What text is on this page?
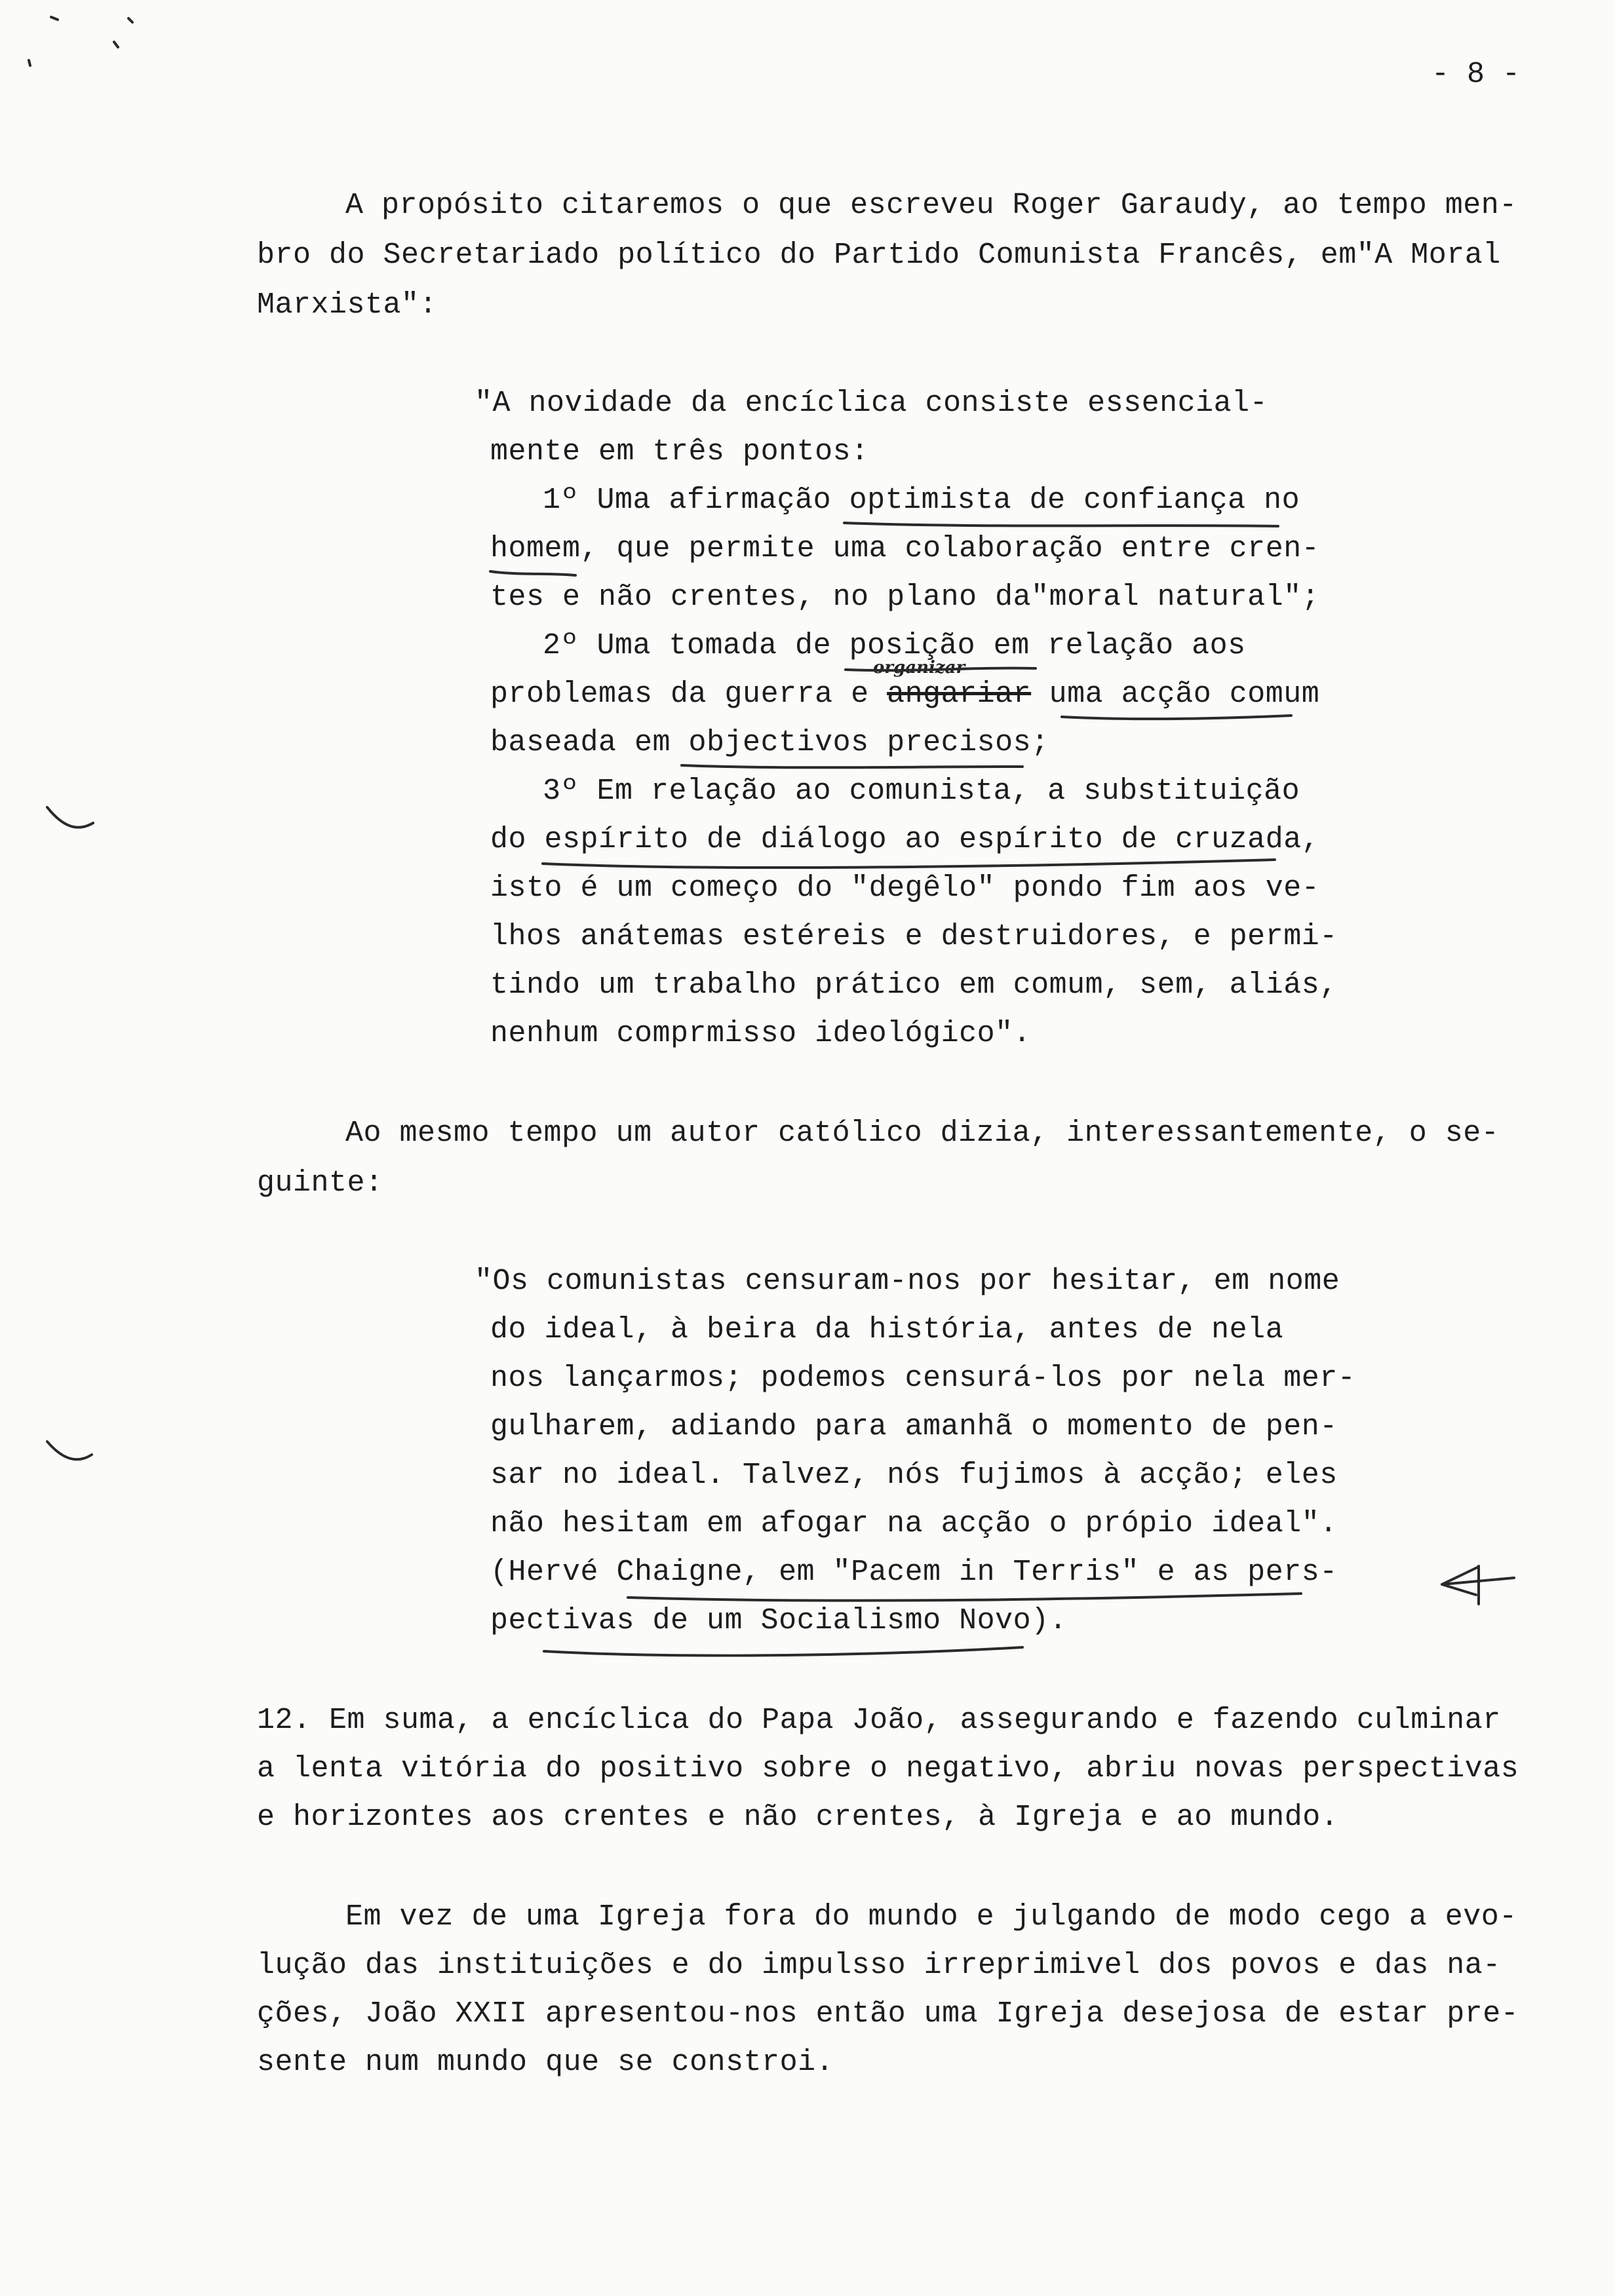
- 8 -
A propósito citaremos o que escreveu Roger Garaudy, ao tempo men-
bro do Secretariado político do Partido Comunista Francês, em"A Moral
Marxista":
"A novidade da encíclica consiste essencial-
mente em três pontos:
1º Uma afirmação optimista de confiança no
homem, que permite uma colaboração entre cren-
tes e não crentes, no plano da"moral natural";
2º Uma tomada de posição em relação aos
organizar
problemas da guerra e angariar uma acção comum
baseada em objectivos precisos;
3º Em relação ao comunista, a substituição
do espírito de diálogo ao espírito de cruzada,
isto é um começo do "degêlo" pondo fim aos ve-
lhos anátemas estéreis e destruidores, e permi-
tindo um trabalho prático em comum, sem, aliás,
nenhum comprmisso ideológico".
Ao mesmo tempo um autor católico dizia, interessantemente, o se-
guinte:
"Os comunistas censuram-nos por hesitar, em nome
do ideal, à beira da história, antes de nela
nos lançarmos; podemos censurá-los por nela mer-
gulharem, adiando para amanhã o momento de pen-
sar no ideal. Talvez, nós fujimos à acção; eles
não hesitam em afogar na acção o própio ideal".
(Hervé Chaigne, em "Pacem in Terris" e as pers-
pectivas de um Socialismo Novo).
12. Em suma, a encíclica do Papa João, assegurando e fazendo culminar
a lenta vitória do positivo sobre o negativo, abriu novas perspectivas
e horizontes aos crentes e não crentes, à Igreja e ao mundo.
Em vez de uma Igreja fora do mundo e julgando de modo cego a evo-
lução das instituições e do impulsso irreprimivel dos povos e das na-
ções, João XXII apresentou-nos então uma Igreja desejosa de estar pre-
sente num mundo que se constroi.
